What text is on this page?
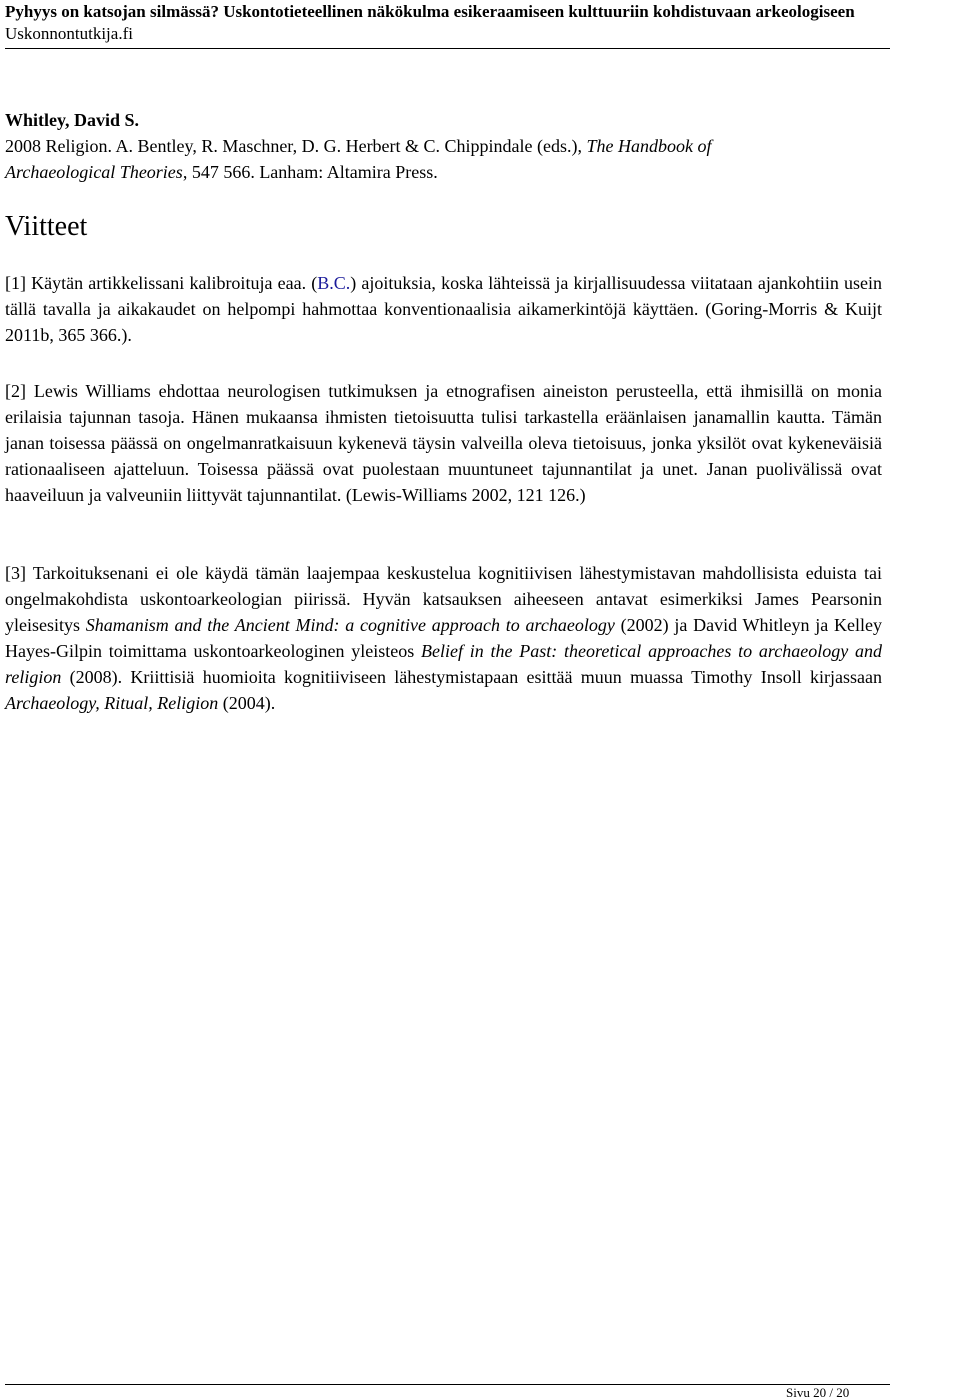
Pyhyys on katsojan silmässä? Uskontotieteellinen näkökulma esikeraamiseen kulttuuriin kohdistuvaan arkeologiseen
Uskonnontutkija.fi
Whitley, David S.
2008 Religion. A. Bentley, R. Maschner, D. G. Herbert & C. Chippindale (eds.), The Handbook of
Archaeological Theories, 547 566. Lanham: Altamira Press.
Viitteet
[1] Käytän artikkelissani kalibroituja eaa. (B.C.) ajoituksia, koska lähteissä ja kirjallisuudessa viitataan ajankohtiin usein tällä tavalla ja aikakaudet on helpompi hahmottaa konventionaalisia aikamerkintöjä käyttäen. (Goring-Morris & Kuijt 2011b, 365 366.).
[2] Lewis Williams ehdottaa neurologisen tutkimuksen ja etnografisen aineiston perusteella, että ihmisillä on monia erilaisia tajunnan tasoja. Hänen mukaansa ihmisten tietoisuutta tulisi tarkastella eräänlaisen janamallin kautta. Tämän janan toisessa päässä on ongelmanratkaisuun kykenevä täysin valveilla oleva tietoisuus, jonka yksilöt ovat kykeneväisiä rationaaliseen ajatteluun. Toisessa päässä ovat puolestaan muuntuneet tajunnantilat ja unet. Janan puolivälissä ovat haaveiluun ja valveuniin liittyvät tajunnantilat. (Lewis-Williams 2002, 121 126.)
[3] Tarkoituksenani ei ole käydä tämän laajempaa keskustelua kognitiivisen lähestymistavan mahdollisista eduista tai ongelmakohdista uskontoarkeologian piirissä. Hyvän katsauksen aiheeseen antavat esimerkiksi James Pearsonin yleisesitys Shamanism and the Ancient Mind: a cognitive approach to archaeology (2002) ja David Whitleyn ja Kelley Hayes-Gilpin toimittama uskontoarkeologinen yleisteos Belief in the Past: theoretical approaches to archaeology and religion (2008). Kriittisiä huomioita kognitiiviseen lähestymistapaan esittää muun muassa Timothy Insoll kirjassaan Archaeology, Ritual, Religion (2004).
Sivu 20 / 20
